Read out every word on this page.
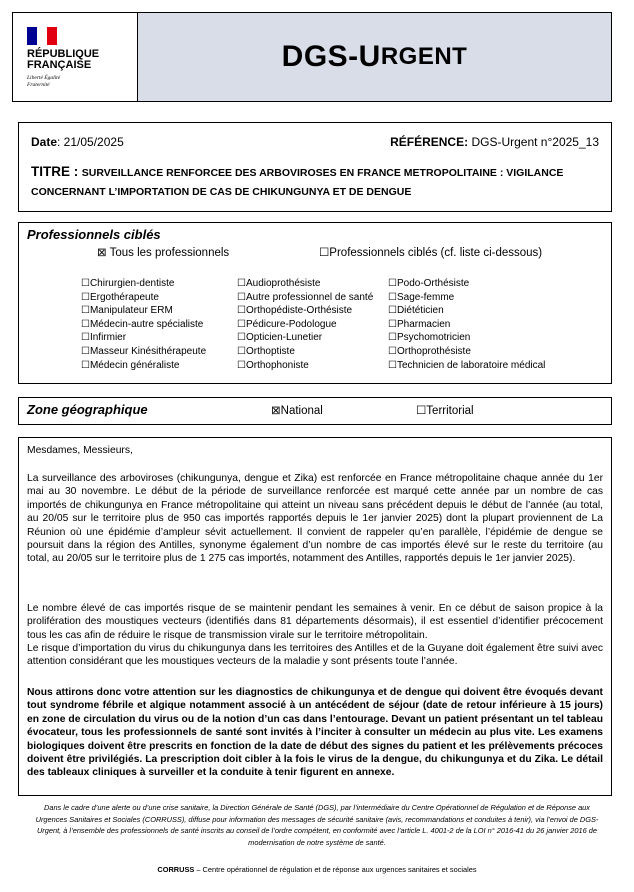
RÉPUBLIQUE FRANÇAISE
Liberté Égalité Fraternité
DGS-U RGENT
Date: 21/05/2025	RÉFÉRENCE: DGS-Urgent n°2025_13
TITRE : SURVEILLANCE RENFORCEE DES ARBOVIROSES EN FRANCE METROPOLITAINE : VIGILANCE CONCERNANT L’IMPORTATION DE CAS DE CHIKUNGUNYA ET DE DENGUE
Professionnels ciblés
⊠ Tous les professionnels	☐Professionnels ciblés (cf. liste ci-dessous)
☐Chirurgien-dentiste
☐Ergothérapeute
☐Manipulateur ERM
☐Médecin-autre spécialiste
☐Infirmier
☐Masseur Kinésithérapeute
☐Médecin généraliste
☐Audioprothésiste
☐Autre professionnel de santé
☐Orthopédiste-Orthésiste
☐Pédicure-Podologue
☐Opticien-Lunetier
☐Orthoptiste
☐Orthophoniste
☐Podo-Orthésiste
☐Sage-femme
☐Diététicien
☐Pharmacien
☐Psychomotricien
☐Orthoprothésiste
☐Technicien de laboratoire médical
Zone géographique	⊠National	☐Territorial

Mesdames, Messieurs,

La surveillance des arboviroses (chikungunya, dengue et Zika) est renforcée en France métropolitaine chaque année du 1er mai au 30 novembre. Le début de la période de surveillance renforcée est marqué cette année par un nombre de cas importés de chikungunya en France métropolitaine qui atteint un niveau sans précédent depuis le début de l’année (au total, au 20/05 sur le territoire plus de 950 cas importés rapportés depuis le 1er janvier 2025) dont la plupart proviennent de La Réunion où une épidémie d’ampleur sévit actuellement. Il convient de rappeler qu’en parallèle, l’épidémie de dengue se poursuit dans la région des Antilles, synonyme également d’un nombre de cas importés élevé sur le reste du territoire (au total, au 20/05 sur le territoire plus de 1 275 cas importés, notamment des Antilles, rapportés depuis le 1er janvier 2025).

Le nombre élevé de cas importés risque de se maintenir pendant les semaines à venir. En ce début de saison propice à la prolifération des moustiques vecteurs (identifiés dans 81 départements désormais), il est essentiel d’identifier précocement tous les cas afin de réduire le risque de transmission virale sur le territoire métropolitain.

Le risque d’importation du virus du chikungunya dans les territoires des Antilles et de la Guyane doit également être suivi avec attention considérant que les moustiques vecteurs de la maladie y sont présents toute l’année.

Nous attirons donc votre attention sur les diagnostics de chikungunya et de dengue qui doivent être évoqués devant tout syndrome fébrile et algique notamment associé à un antécédent de séjour (date de retour inférieure à 15 jours) en zone de circulation du virus ou de la notion d’un cas dans l’entourage. Devant un patient présentant un tel tableau évocateur, tous les professionnels de santé sont invités à l’inciter à consulter un médecin au plus vite. Les examens biologiques doivent être prescrits en fonction de la date de début des signes du patient et les prélèvements précoces doivent être privilégiés. La prescription doit cibler à la fois le virus de la dengue, du chikungunya et du Zika. Le détail des tableaux cliniques à surveiller et la conduite à tenir figurent en annexe.

Dans le cadre d’une alerte ou d’une crise sanitaire, la Direction Générale de Santé (DGS), par l’intermédiaire du Centre Opérationnel de Régulation et de Réponse aux Urgences Sanitaires et Sociales (CORRUSS), diffuse pour information des messages de sécurité sanitaire (avis, recommandations et conduites à tenir), via l’envoi de DGS-Urgent, à l’ensemble des professionnels de santé inscrits au conseil de l’ordre compétent, en conformité avec l’article L. 4001-2 de la LOI n° 2016-41 du 26 janvier 2016 de modernisation de notre système de santé.
CORRUSS – Centre opérationnel de régulation et de réponse aux urgences sanitaires et sociales
